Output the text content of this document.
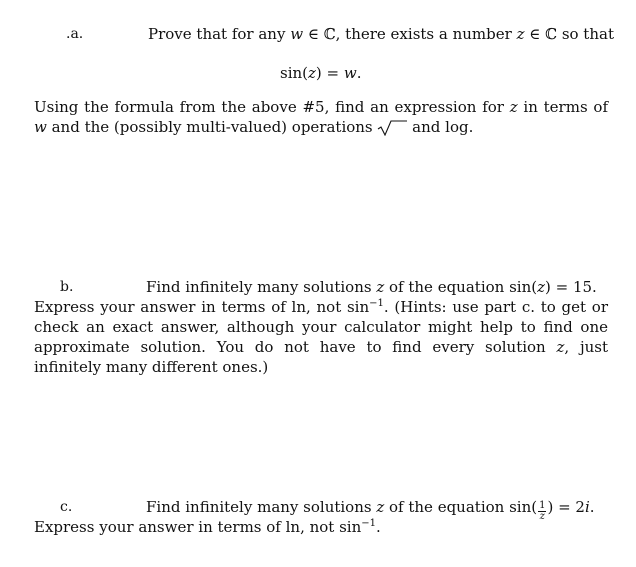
.a.	Prove that for any w ∈ ℂ, there exists a number z ∈ ℂ so that
sin(z) = w.
Using the formula from the above #5, find an expression for z in terms of w and the (possibly multi-valued) operations
and log.
b.	Find infinitely many solutions z of the equation sin(z) = 15.
Express your answer in terms of ln, not $\sin^{-1}$. (Hints: use part c. to get or check an exact answer, although your calculator might help to find one approximate solution. You do not have to find every solution z, just infinitely many different ones.)
c.	Find infinitely many solutions z of the equation $\sin( \frac{1}{z}$ ) = 2i.
Express your answer in terms of ln, not $\sin^{-1}$.
